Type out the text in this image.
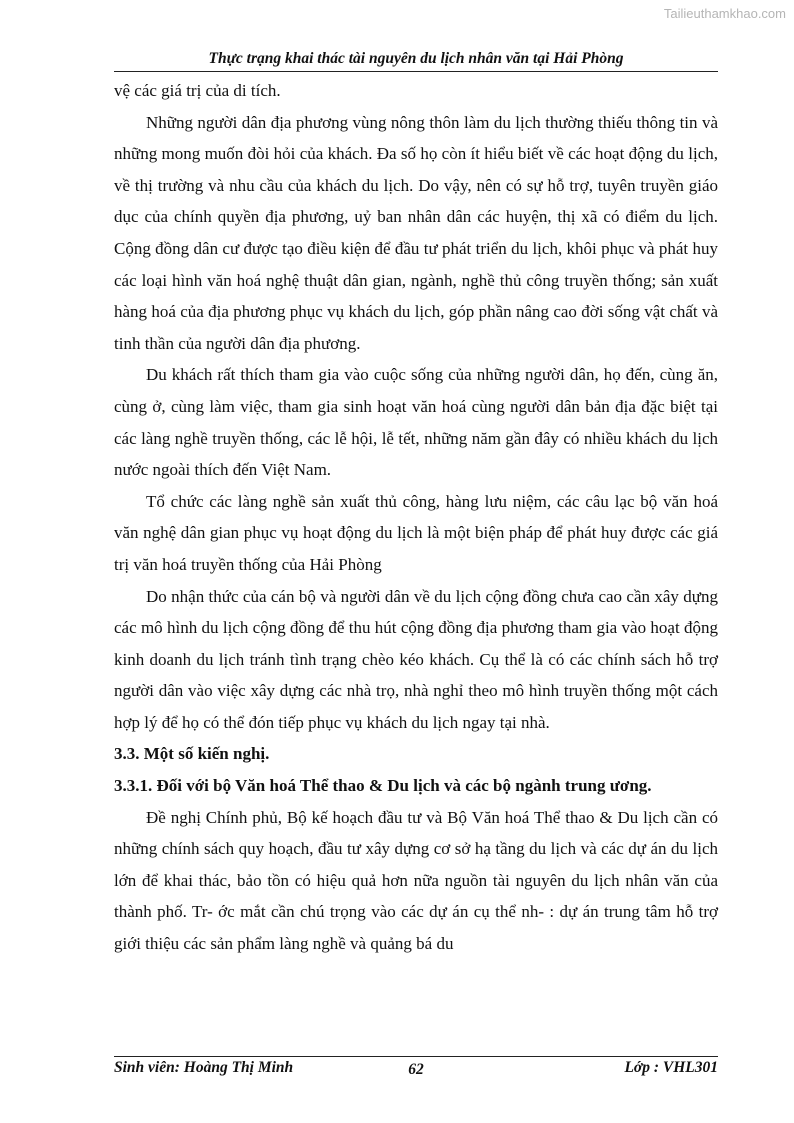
Tailieuthamkhao.com
Thực trạng khai thác tài nguyên du lịch nhân văn tại Hải Phòng

vệ các giá trị của di tích.

Những người dân địa phương vùng nông thôn làm du lịch thường thiếu thông tin và những mong muốn đòi hỏi của khách. Đa số họ còn ít hiểu biết về các hoạt động du lịch, về thị trường và nhu cầu của khách du lịch. Do vậy, nên có sự hỗ trợ, tuyên truyền giáo dục của chính quyền địa phương, uỷ ban nhân dân các huyện, thị xã có điểm du lịch. Cộng đồng dân cư được tạo điều kiện để đầu tư phát triển du lịch, khôi phục và phát huy các loại hình văn hoá nghệ thuật dân gian, ngành, nghề thủ công truyền thống; sản xuất hàng hoá của địa phương phục vụ khách du lịch, góp phần nâng cao đời sống vật chất và tinh thần của người dân địa phương.

Du khách rất thích tham gia vào cuộc sống của những người dân, họ đến, cùng ăn, cùng ở, cùng làm việc, tham gia sinh hoạt văn hoá cùng người dân bản địa đặc biệt tại các làng nghề truyền thống, các lễ hội, lễ tết, những năm gần đây có nhiều khách du lịch nước ngoài thích đến Việt Nam.

Tổ chức các làng nghề sản xuất thủ công, hàng lưu niệm, các câu lạc bộ văn hoá văn nghệ dân gian phục vụ hoạt động du lịch là một biện pháp để phát huy được các giá trị văn hoá truyền thống của Hải Phòng

Do nhận thức của cán bộ và người dân về du lịch cộng đồng chưa cao cần xây dựng các mô hình du lịch cộng đồng để thu hút cộng đồng địa phương tham gia vào hoạt động kinh doanh du lịch tránh tình trạng chèo kéo khách. Cụ thể là có các chính sách hỗ trợ người dân vào việc xây dựng các nhà trọ, nhà nghỉ theo mô hình truyền thống một cách hợp lý để họ có thể đón tiếp phục vụ khách du lịch ngay tại nhà.

3.3. Một số kiến nghị.

3.3.1. Đối với bộ Văn hoá Thể thao & Du lịch và các bộ ngành trung ương.

Đề nghị Chính phủ, Bộ kế hoạch đầu tư và Bộ Văn hoá Thể thao & Du lịch cần có những chính sách quy hoạch, đầu tư xây dựng cơ sở hạ tầng du lịch và các dự án du lịch lớn để khai thác, bảo tồn có hiệu quả hơn nữa nguồn tài nguyên du lịch nhân văn của thành phố. Tr- ớc mắt cần chú trọng vào các dự án cụ thể nh- : dự án trung tâm hỗ trợ giới thiệu các sản phẩm làng nghề và quảng bá du

Sinh viên: Hoàng Thị Minh	62	Lớp : VHL301
